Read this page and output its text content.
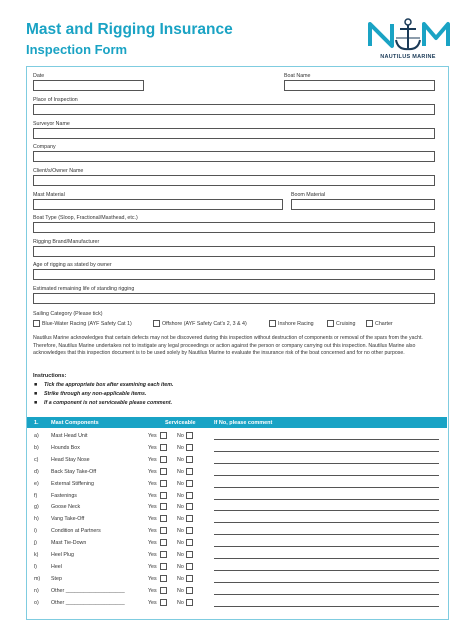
Mast and Rigging Insurance
Inspection Form
NAUTILUS MARINE
Date	Boat Name
Place of Inspection
Surveyor Name
Company
Client/s/Owner Name
Mast Material	Boom Material
Boat Type (Sloop, Fractional/Masthead, etc.)
Rigging Brand/Manufacturer
Age of rigging as stated by owner
Estimated remaining life of standing rigging
Sailing Category (Please tick)
Blue-Water Racing (AYF Safety Cat 1)	Offshore (AYF Safety Cat's 2, 3 & 4)	Inshore Racing	Cruising	Charter
Nautilus Marine acknowledges that certain defects may not be discovered during this inspection without destruction of components or removal of the spars from the yacht. Therefore, Nautilus Marine undertakes not to instigate any legal proceedings or action against the person or company carrying out this inspection. Nautilus Marine also acknowledges that this inspection document is to be used solely by Nautilus Marine to evaluate the insurance risk of the boat concerned and for no other purpose.
Instructions:
■ Tick the appropriate box after examining each item.
■ Strike through any non-applicable items.
■ If a component is not serviceable please comment.
1. Mast Components	Serviceable	If No, please comment
a) Mast Head Unit	Yes	No
b) Hounds Box	Yes	No
c) Head Stay Nose	Yes	No
d) Back Stay Take-Off	Yes	No
e) External Stiffening	Yes	No
f)	Fastenings	Yes	No
g) Goose Neck	Yes	No
h) Vang Take-Off	Yes	No
i)	Condition at Partners	Yes	No
j)	Mast Tie-Down	Yes	No
k) Heel Plug	Yes	No
l)	Heel	Yes	No
m) Step	Yes	No
n) Other ____________________	Yes	No
o) Other ____________________	Yes	No
